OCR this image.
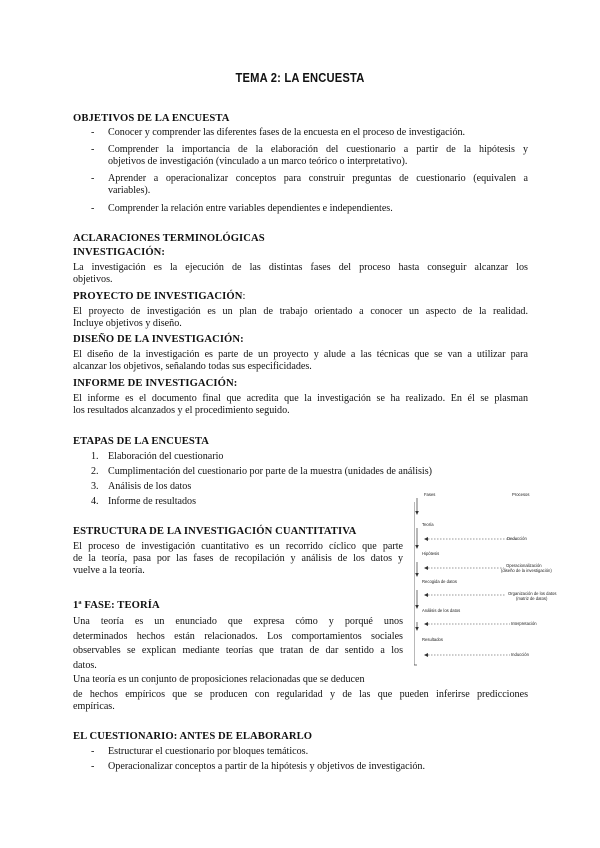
TEMA 2: LA ENCUESTA
OBJETIVOS DE LA ENCUESTA
-	Conocer y comprender las diferentes fases de la encuesta en el proceso de investigación.
-	Comprender la importancia de la elaboración del cuestionario a partir de la hipótesis y
objetivos de investigación (vinculado a un marco teórico o interpretativo).
-	Aprender a operacionalizar conceptos para construir preguntas de cuestionario (equivalen a
variables).
-	Comprender la relación entre variables dependientes e independientes.
ACLARACIONES TERMINOLÓGICAS
INVESTIGACIÓN:
La investigación es la ejecución de las distintas fases del proceso hasta conseguir alcanzar los
objetivos.
PROYECTO DE INVESTIGACIÓN:
El proyecto de investigación es un plan de trabajo orientado a conocer un aspecto de la realidad.
Incluye objetivos y diseño.
DISEÑO DE LA INVESTIGACIÓN:
El diseño de la investigación es parte de un proyecto y alude a las técnicas que se van a utilizar para
alcanzar los objetivos, señalando todas sus especificidades.
INFORME DE INVESTIGACIÓN:
El informe es el documento final que acredita que la investigación se ha realizado. En él se plasman
los resultados alcanzados y el procedimiento seguido.
ETAPAS DE LA ENCUESTA
1. Elaboración del cuestionario
2. Cumplimentación del cuestionario por parte de la muestra (unidades de análisis)
3. Análisis de los datos
4. Informe de resultados
ESTRUCTURA DE LA INVESTIGACIÓN CUANTITATIVA
El proceso de investigación cuantitativo es un recorrido cíclico que parte
de la teoría, pasa por las fases de recopilación y análisis de los datos y
vuelve a la teoría.
1ª FASE: TEORÍA
Una teoría es un enunciado que expresa cómo y porqué unos
determinados hechos están relacionados. Los comportamientos sociales
observables se explican mediante teorías que tratan de dar sentido a los
datos.
Una teoría es un conjunto de proposiciones relacionadas que se deducen
de hechos empíricos que se producen con regularidad y de las que pueden inferirse predicciones
empíricas.
EL CUESTIONARIO: ANTES DE ELABORARLO
-	Estructurar el cuestionario por bloques temáticos.
-	Operacionalizar conceptos a partir de la hipótesis y objetivos de investigación.
Fases	Procesos
Teoría
Hipótesis
Recogida de datos
Análisis de los datos
Resultados
Deducción
Operacionalización
(diseño de la investigación)
Organización de los datos
(matriz de datos)
Interpretación
Inducción
